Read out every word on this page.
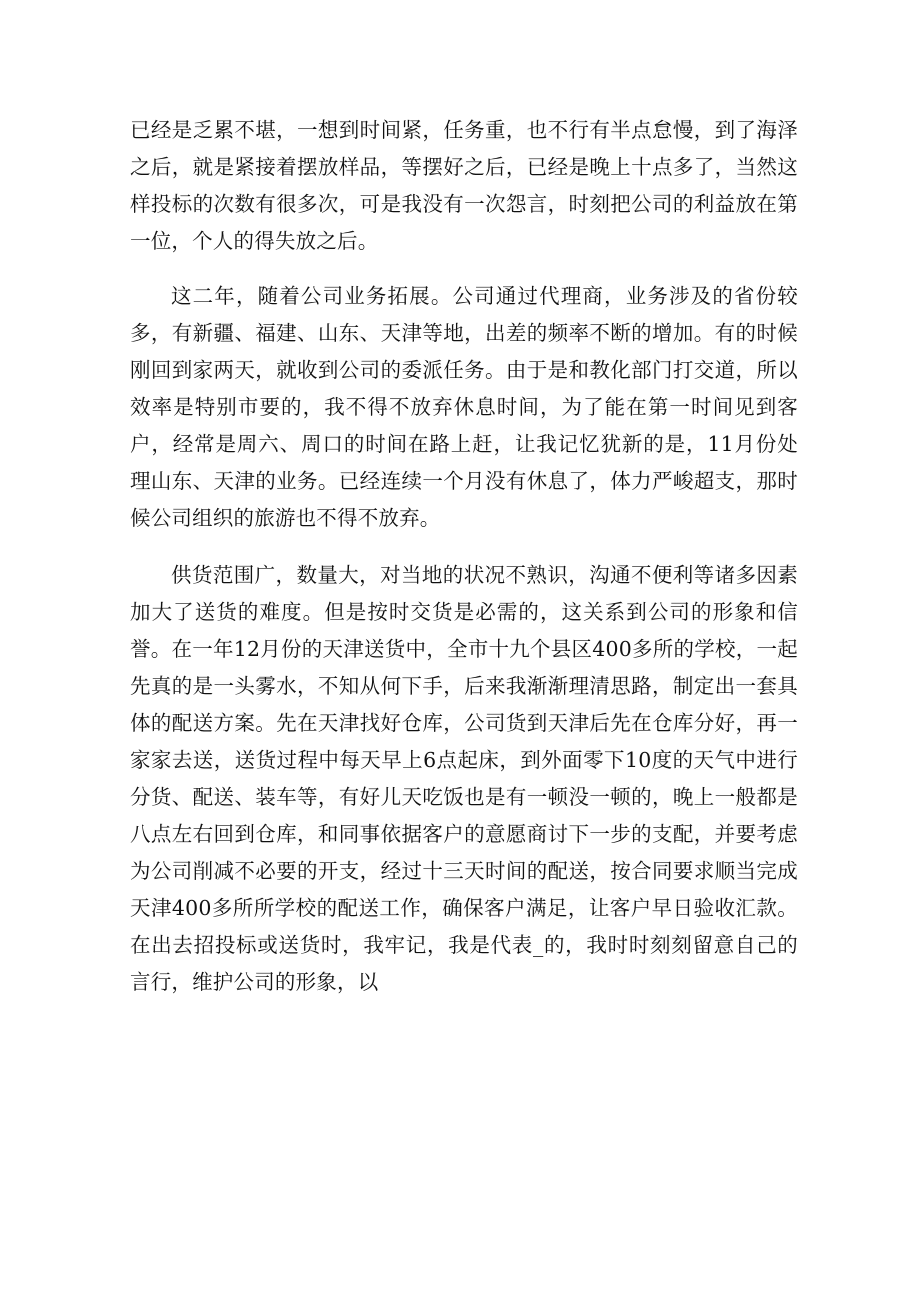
已经是乏累不堪，一想到时间紧，任务重，也不行有半点怠慢，到了海泽之后，就是紧接着摆放样品，等摆好之后，已经是晚上十点多了，当然这样投标的次数有很多次，可是我没有一次怨言，时刻把公司的利益放在第一位，个人的得失放之后。

这二年，随着公司业务拓展。公司通过代理商，业务涉及的省份较多，有新疆、福建、山东、天津等地，出差的频率不断的增加。有的时候刚回到家两天，就收到公司的委派任务。由于是和教化部门打交道，所以效率是特别市要的，我不得不放弃休息时间，为了能在第一时间见到客户，经常是周六、周口的时间在路上赶，让我记忆犹新的是，11月份处理山东、天津的业务。已经连续一个月没有休息了，体力严峻超支，那时候公司组织的旅游也不得不放弃。

供货范围广，数量大，对当地的状况不熟识，沟通不便利等诸多因素加大了送货的难度。但是按时交货是必需的，这关系到公司的形象和信誉。在一年12月份的天津送货中，全市十九个县区400多所的学校，一起先真的是一头雾水，不知从何下手，后来我渐渐理清思路，制定出一套具体的配送方案。先在天津找好仓库，公司货到天津后先在仓库分好，再一家家去送，送货过程中每天早上6点起床，到外面零下10度的天气中进行分货、配送、装车等，有好儿天吃饭也是有一顿没一顿的，晚上一般都是八点左右回到仓库，和同事依据客户的意愿商讨下一步的支配，并要考虑为公司削减不必要的开支，经过十三天时间的配送，按合同要求顺当完成天津400多所所学校的配送工作，确保客户满足，让客户早日验收汇款。在出去招投标或送货时，我牢记，我是代表_的，我时时刻刻留意自己的言行，维护公司的形象，以
